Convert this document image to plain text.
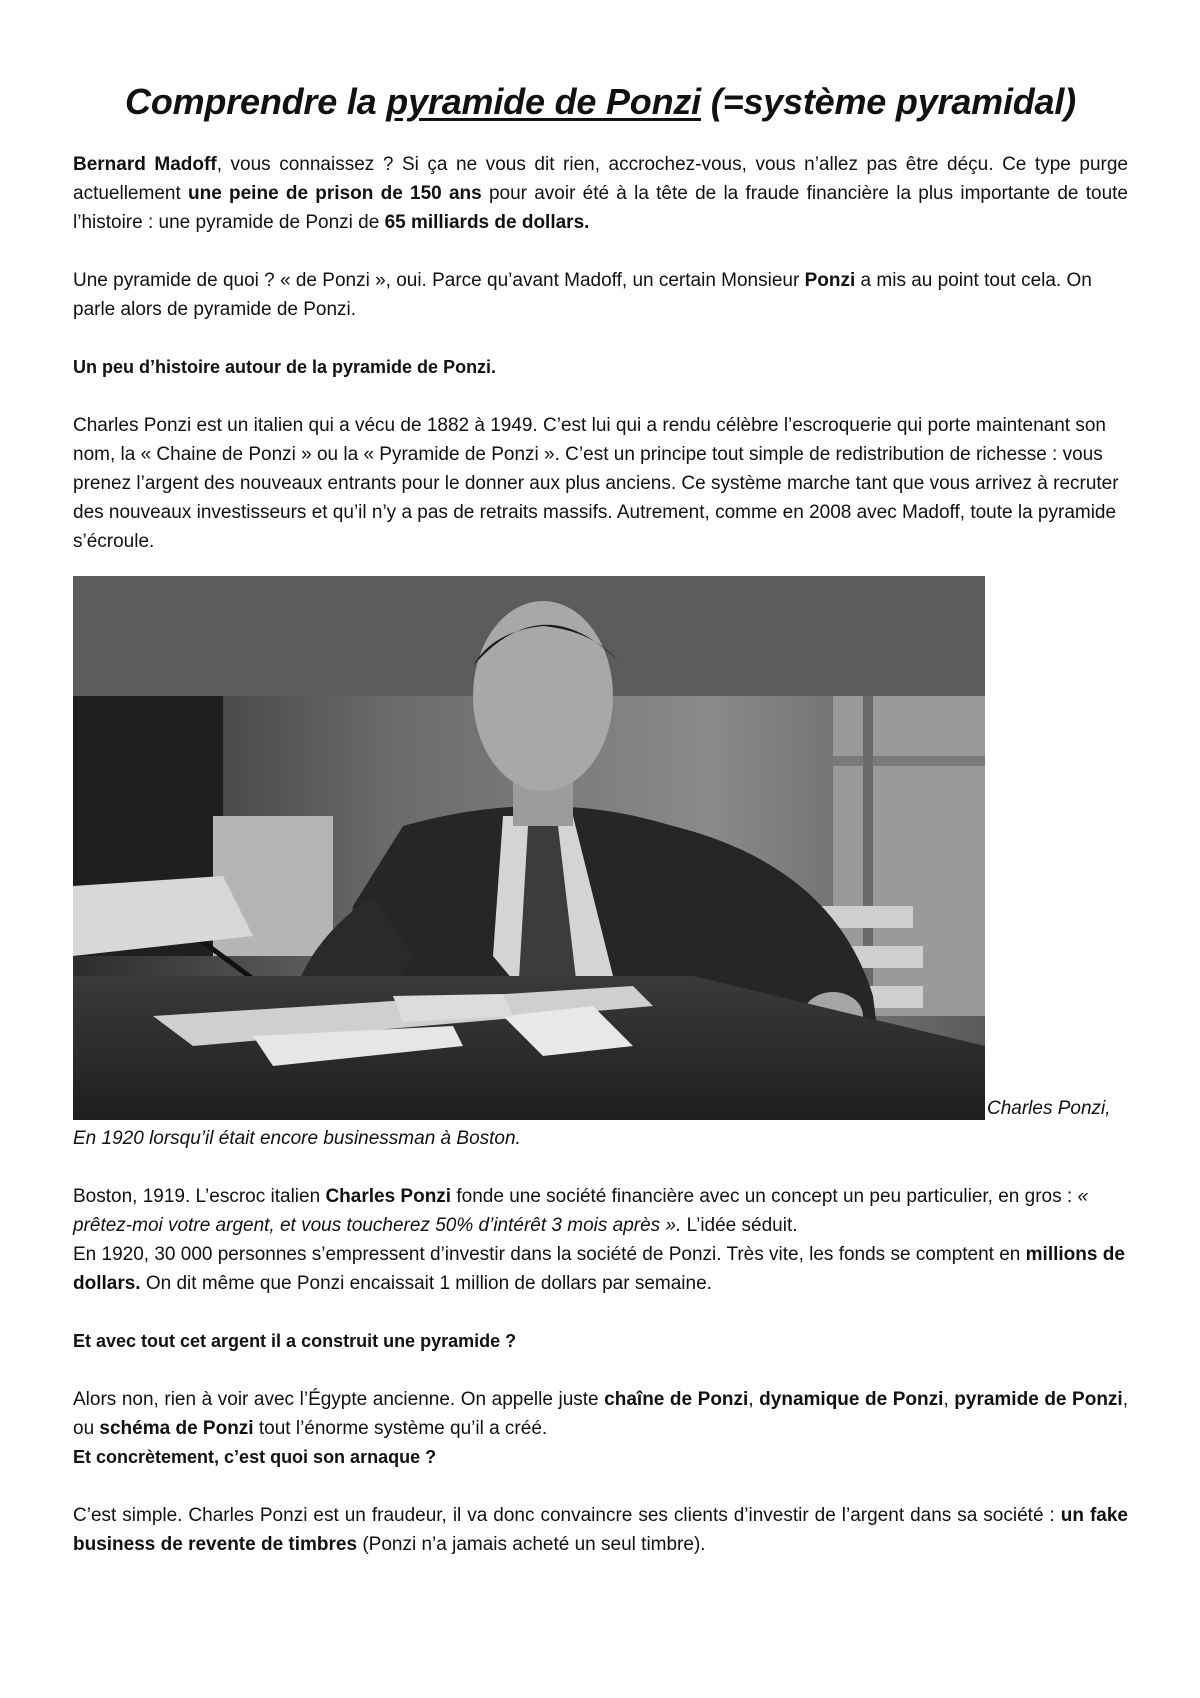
Comprendre la pyramide de Ponzi (=système pyramidal)

Bernard Madoff, vous connaissez ? Si ça ne vous dit rien, accrochez-vous, vous n’allez pas être déçu. Ce type purge actuellement une peine de prison de 150 ans pour avoir été à la tête de la fraude financière la plus importante de toute l’histoire : une pyramide de Ponzi de 65 milliards de dollars.

Une pyramide de quoi ? « de Ponzi », oui. Parce qu’avant Madoff, un certain Monsieur Ponzi a mis au point tout cela. On parle alors de pyramide de Ponzi.

Un peu d’histoire autour de la pyramide de Ponzi.

Charles Ponzi est un italien qui a vécu de 1882 à 1949. C’est lui qui a rendu célèbre l’escroquerie qui porte maintenant son nom, la « Chaine de Ponzi » ou la « Pyramide de Ponzi ». C’est un principe tout simple de redistribution de richesse : vous prenez l’argent des nouveaux entrants pour le donner aux plus anciens. Ce système marche tant que vous arrivez à recruter des nouveaux investisseurs et qu’il n’y a pas de retraits massifs. Autrement, comme en 2008 avec Madoff, toute la pyramide s’écroule.

Charles Ponzi,

En 1920 lorsqu’il était encore businessman à Boston.

Boston, 1919. L’escroc italien Charles Ponzi fonde une société financière avec un concept un peu particulier, en gros : « prêtez-moi votre argent, et vous toucherez 50% d’intérêt 3 mois après ». L’idée séduit.

En 1920, 30 000 personnes s’empressent d’investir dans la société de Ponzi. Très vite, les fonds se comptent en millions de dollars. On dit même que Ponzi encaissait 1 million de dollars par semaine.

Et avec tout cet argent il a construit une pyramide ?

Alors non, rien à voir avec l’Égypte ancienne. On appelle juste chaîne de Ponzi, dynamique de Ponzi, pyramide de Ponzi, ou schéma de Ponzi tout l’énorme système qu’il a créé.

Et concrètement, c’est quoi son arnaque ?

C’est simple. Charles Ponzi est un fraudeur, il va donc convaincre ses clients d’investir de l’argent dans sa société : un fake business de revente de timbres (Ponzi n’a jamais acheté un seul timbre).
